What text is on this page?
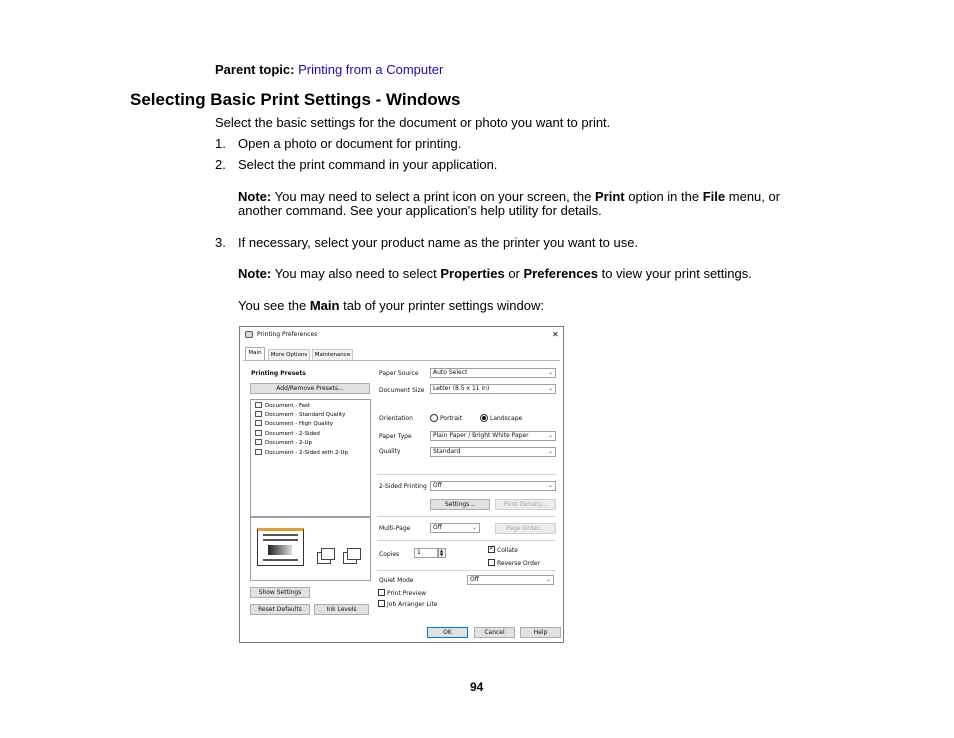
Parent topic: Printing from a Computer
Selecting Basic Print Settings - Windows
Select the basic settings for the document or photo you want to print.
1. Open a photo or document for printing.
2. Select the print command in your application.
Note: You may need to select a print icon on your screen, the Print option in the File menu, or
another command. See your application's help utility for details.
3. If necessary, select your product name as the printer you want to use.
Note: You may also need to select Properties or Preferences to view your print settings.
You see the Main tab of your printer settings window:
Printing Preferences	✕
Main	More Options	Maintenance
Printing Presets
Add/Remove Presets...
Document - Fast
Document - Standard Quality
Document - High Quality
Document - 2-Sided
Document - 2-Up
Document - 2-Sided with 2-Up
Show Settings
Reset Defaults	Ink Levels
Paper Source	Auto Select	⌄
Document Size	Letter (8.5 x 11 in)	⌄
Orientation	Portrait	Landscape
Paper Type	Plain Paper / Bright White Paper	⌄
Quality	Standard	⌄
2-Sided Printing	Off	⌄
Settings...	Print Density...
Multi-Page	Off	⌄	Page Order...
Copies	1	▲
▼
✓ Collate
Reverse Order
Quiet Mode	Off	⌄
Print Preview
Job Arranger Lite
OK	Cancel	Help
94
